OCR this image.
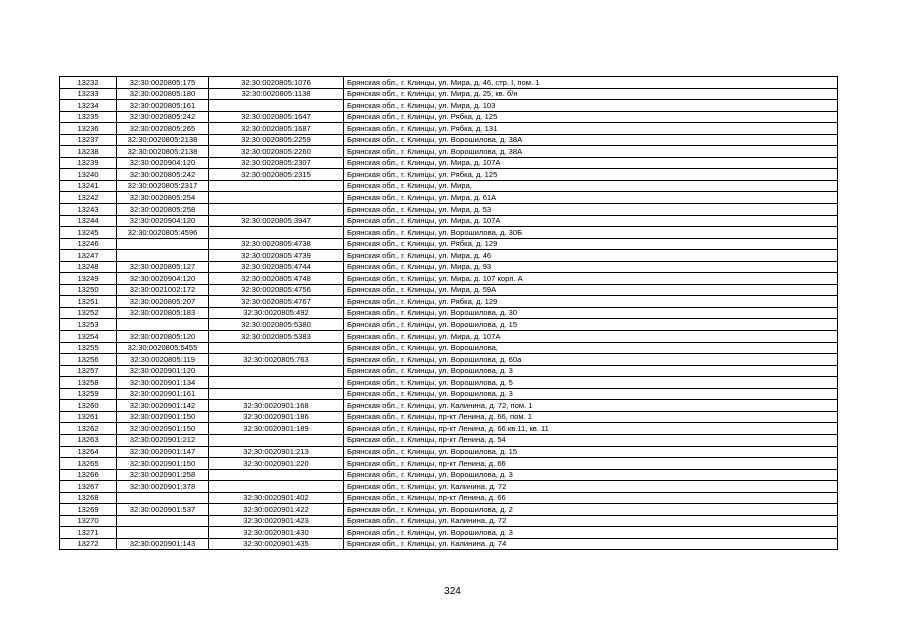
13232	32:30:0020805:175	32:30:0020805:1076	Брянская обл., г. Клинцы, ул. Мира, д. 46, стр. I, пом. 1
13233	32:30:0020805:180	32:30:0020805:1138	Брянская обл., г. Клинцы, ул. Мира, д. 25, кв. б/н
13234	32:30:0020805:161		Брянская обл., г. Клинцы, ул. Мира, д. 103
13235	32:30:0020805:242	32:30:0020805:1647	Брянская обл., г. Клинцы, ул. Рябка, д. 125
13236	32:30:0020805:265	32:30:0020805:1687	Брянская обл., г. Клинцы, ул. Рябка, д. 131
13237	32:30:0020805:2138	32:30:0020805:2259	Брянская обл., г. Клинцы, ул. Ворошилова, д. 38А
13238	32:30:0020805:2138	32:30:0020805:2260	Брянская обл., г. Клинцы, ул. Ворошилова, д. 38А
13239	32:30:0020904:120	32:30:0020805:2307	Брянская обл., г. Клинцы, ул. Мира, д. 107А
13240	32:30:0020805:242	32:30:0020805:2315	Брянская обл., г. Клинцы, ул. Рябка, д. 125
13241	32:30:0020805:2317		Брянская обл., г. Клинцы, ул. Мира,
13242	32:30:0020805:254		Брянская обл., г. Клинцы, ул. Мира, д. 61А
13243	32:30:0020805:258		Брянская обл., г. Клинцы, ул. Мира, д. 53
13244	32:30:0020904:120	32:30:0020805:3947	Брянская обл., г. Клинцы, ул. Мира, д. 107А
13245	32:30:0020805:4596		Брянская обл., г. Клинцы, ул. Ворошилова, д. 30Б
13246		32:30:0020805:4738	Брянская обл., г. Клинцы, ул. Рябка, д. 129
13247		32:30:0020805:4739	Брянская обл., г. Клинцы, ул. Мира, д. 46
13248	32:30:0020805:127	32:30:0020805:4744	Брянская обл., г. Клинцы, ул. Мира, д. 93
13249	32:30:0020904:120	32:30:0020805:4748	Брянская обл., г. Клинцы, ул. Мира, д. 107 корп. А
13250	32:30:0021002:172	32:30:0020805:4756	Брянская обл., г. Клинцы, ул. Мира, д. 59А
13251	32:30:0020805:207	32:30:0020805:4767	Брянская обл., г. Клинцы, ул. Рябка, д. 129
13252	32:30:0020805:183	32:30:0020805:492	Брянская обл., г. Клинцы, ул. Ворошилова, д. 30
13253		32:30:0020805:5380	Брянская обл., г. Клинцы, ул. Ворошилова, д. 15
13254	32:30:0020805:120	32:30:0020805:5383	Брянская обл., г. Клинцы, ул. Мира, д. 107А
13255	32:30:0020805:5455		Брянская обл., г. Клинцы, ул. Ворошилова,
13256	32:30:0020805:119	32:30:0020805:763	Брянская обл., г. Клинцы, ул. Ворошилова, д. 60а
13257	32:30:0020901:120		Брянская обл., г. Клинцы, ул. Ворошилова, д. 3
13258	32:30:0020901:134		Брянская обл., г. Клинцы, ул. Ворошилова, д. 5
13259	32:30:0020901:161		Брянская обл., г. Клинцы, ул. Ворошилова, д. 3
13260	32:30:0020901:142	32:30:0020901:168	Брянская обл., г. Клинцы, ул. Калинина, д. 72, пом. 1
13261	32:30:0020901:150	32:30:0020901:186	Брянская обл., г. Клинцы, пр-кт Ленина, д. 66, пом. 1
13262	32:30:0020901:150	32:30:0020901:189	Брянская обл., г. Клинцы, пр-кт Ленина, д. 66 кв.11, кв. 11
13263	32:30:0020901:212		Брянская обл., г. Клинцы, пр-кт Ленина, д. 54
13264	32:30:0020901:147	32:30:0020901:213	Брянская обл., г. Клинцы, ул. Ворошилова, д. 15
13265	32:30:0020901:150	32:30:0020901:220	Брянская обл., г. Клинцы, пр-кт Ленина, д. 66
13266	32:30:0020901:258		Брянская обл., г. Клинцы, ул. Ворошилова, д. 3
13267	32:30:0020901:378		Брянская обл., г. Клинцы, ул. Калинина, д. 72
13268		32:30:0020901:402	Брянская обл., г. Клинцы, пр-кт Ленина, д. 66
13269	32:30:0020901:537	32:30:0020901:422	Брянская обл., г. Клинцы, ул. Ворошилова, д. 2
13270		32:30:0020901:423	Брянская обл., г. Клинцы, ул. Калинина, д. 72
13271		32:30:0020901:430	Брянская обл., г. Клинцы, ул. Ворошилова, д. 3
13272	32:30:0020901:143	32:30:0020901:435	Брянская обл., г. Клинцы, ул. Калинина, д. 74
324
